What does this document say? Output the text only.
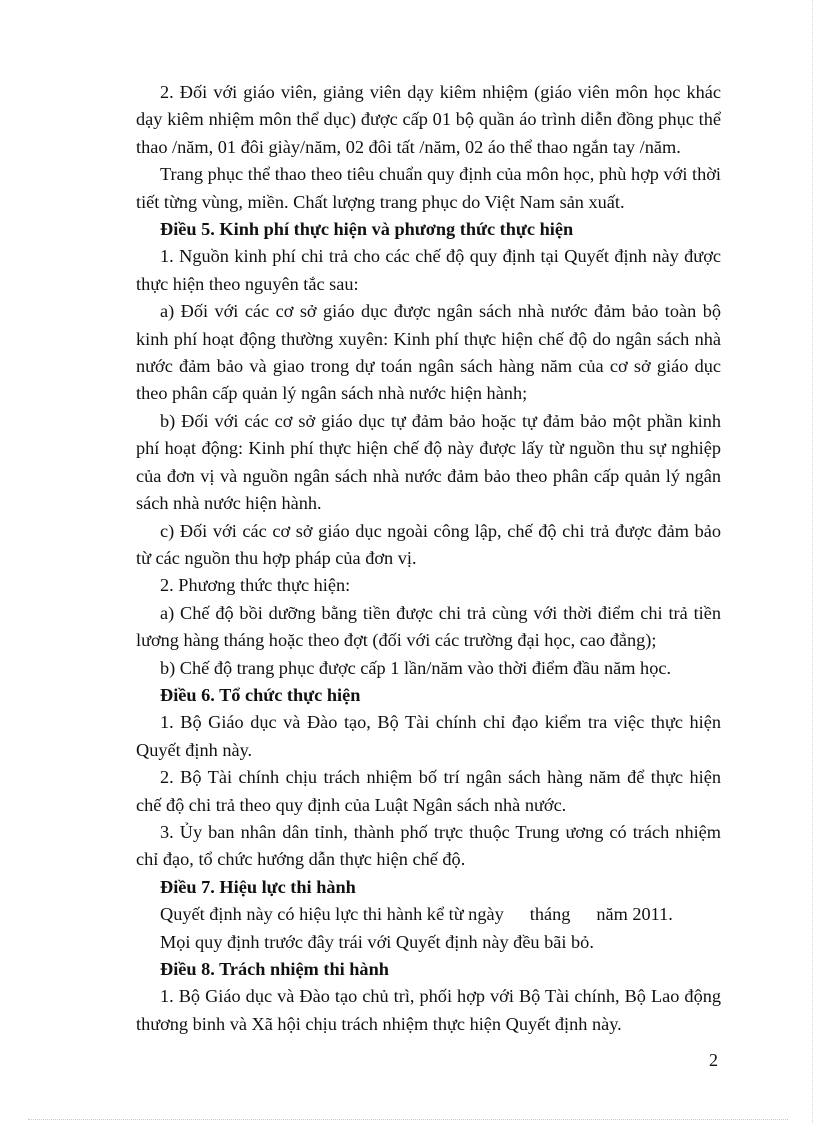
2. Đối với giáo viên, giảng viên dạy kiêm nhiệm (giáo viên môn học khác dạy kiêm nhiệm môn thể dục) được cấp 01 bộ quần áo trình diễn đồng phục thể thao /năm, 01 đôi giày/năm, 02 đôi tất /năm, 02 áo thể thao ngắn tay /năm.

Trang phục thể thao theo tiêu chuẩn quy định của môn học, phù hợp với thời tiết từng vùng, miền. Chất lượng trang phục do Việt Nam sản xuất.

Điều 5. Kinh phí thực hiện và phương thức thực hiện

1. Nguồn kinh phí chi trả cho các chế độ quy định tại Quyết định này được thực hiện theo nguyên tắc sau:

a) Đối với các cơ sở giáo dục được ngân sách nhà nước đảm bảo toàn bộ kinh phí hoạt động thường xuyên: Kinh phí thực hiện chế độ do ngân sách nhà nước đảm bảo và giao trong dự toán ngân sách hàng năm của cơ sở giáo dục theo phân cấp quản lý ngân sách nhà nước hiện hành;

b) Đối với các cơ sở giáo dục tự đảm bảo hoặc tự đảm bảo một phần kinh phí hoạt động: Kinh phí thực hiện chế độ này được lấy từ nguồn thu sự nghiệp của đơn vị và nguồn ngân sách nhà nước đảm bảo theo phân cấp quản lý ngân sách nhà nước hiện hành.

c) Đối với các cơ sở giáo dục ngoài công lập, chế độ chi trả được đảm bảo từ các nguồn thu hợp pháp của đơn vị.

2. Phương thức thực hiện:

a) Chế độ bồi dưỡng bằng tiền được chi trả cùng với thời điểm chi trả tiền lương hàng tháng hoặc theo đợt (đối với các trường đại học, cao đẳng);

b) Chế độ trang phục được cấp 1 lần/năm vào thời điểm đầu năm học.

Điều 6. Tổ chức thực hiện

1. Bộ Giáo dục và Đào tạo, Bộ Tài chính chỉ đạo kiểm tra việc thực hiện Quyết định này.

2. Bộ Tài chính chịu trách nhiệm bố trí ngân sách hàng năm để thực hiện chế độ chi trả theo quy định của Luật Ngân sách nhà nước.

3. Ủy ban nhân dân tỉnh, thành phố trực thuộc Trung ương có trách nhiệm chỉ đạo, tổ chức hướng dẫn thực hiện chế độ.

Điều 7. Hiệu lực thi hành

Quyết định này có hiệu lực thi hành kể từ ngày tháng năm 2011.

Mọi quy định trước đây trái với Quyết định này đều bãi bỏ.

Điều 8. Trách nhiệm thi hành

1. Bộ Giáo dục và Đào tạo chủ trì, phối hợp với Bộ Tài chính, Bộ Lao động thương binh và Xã hội chịu trách nhiệm thực hiện Quyết định này.

2
